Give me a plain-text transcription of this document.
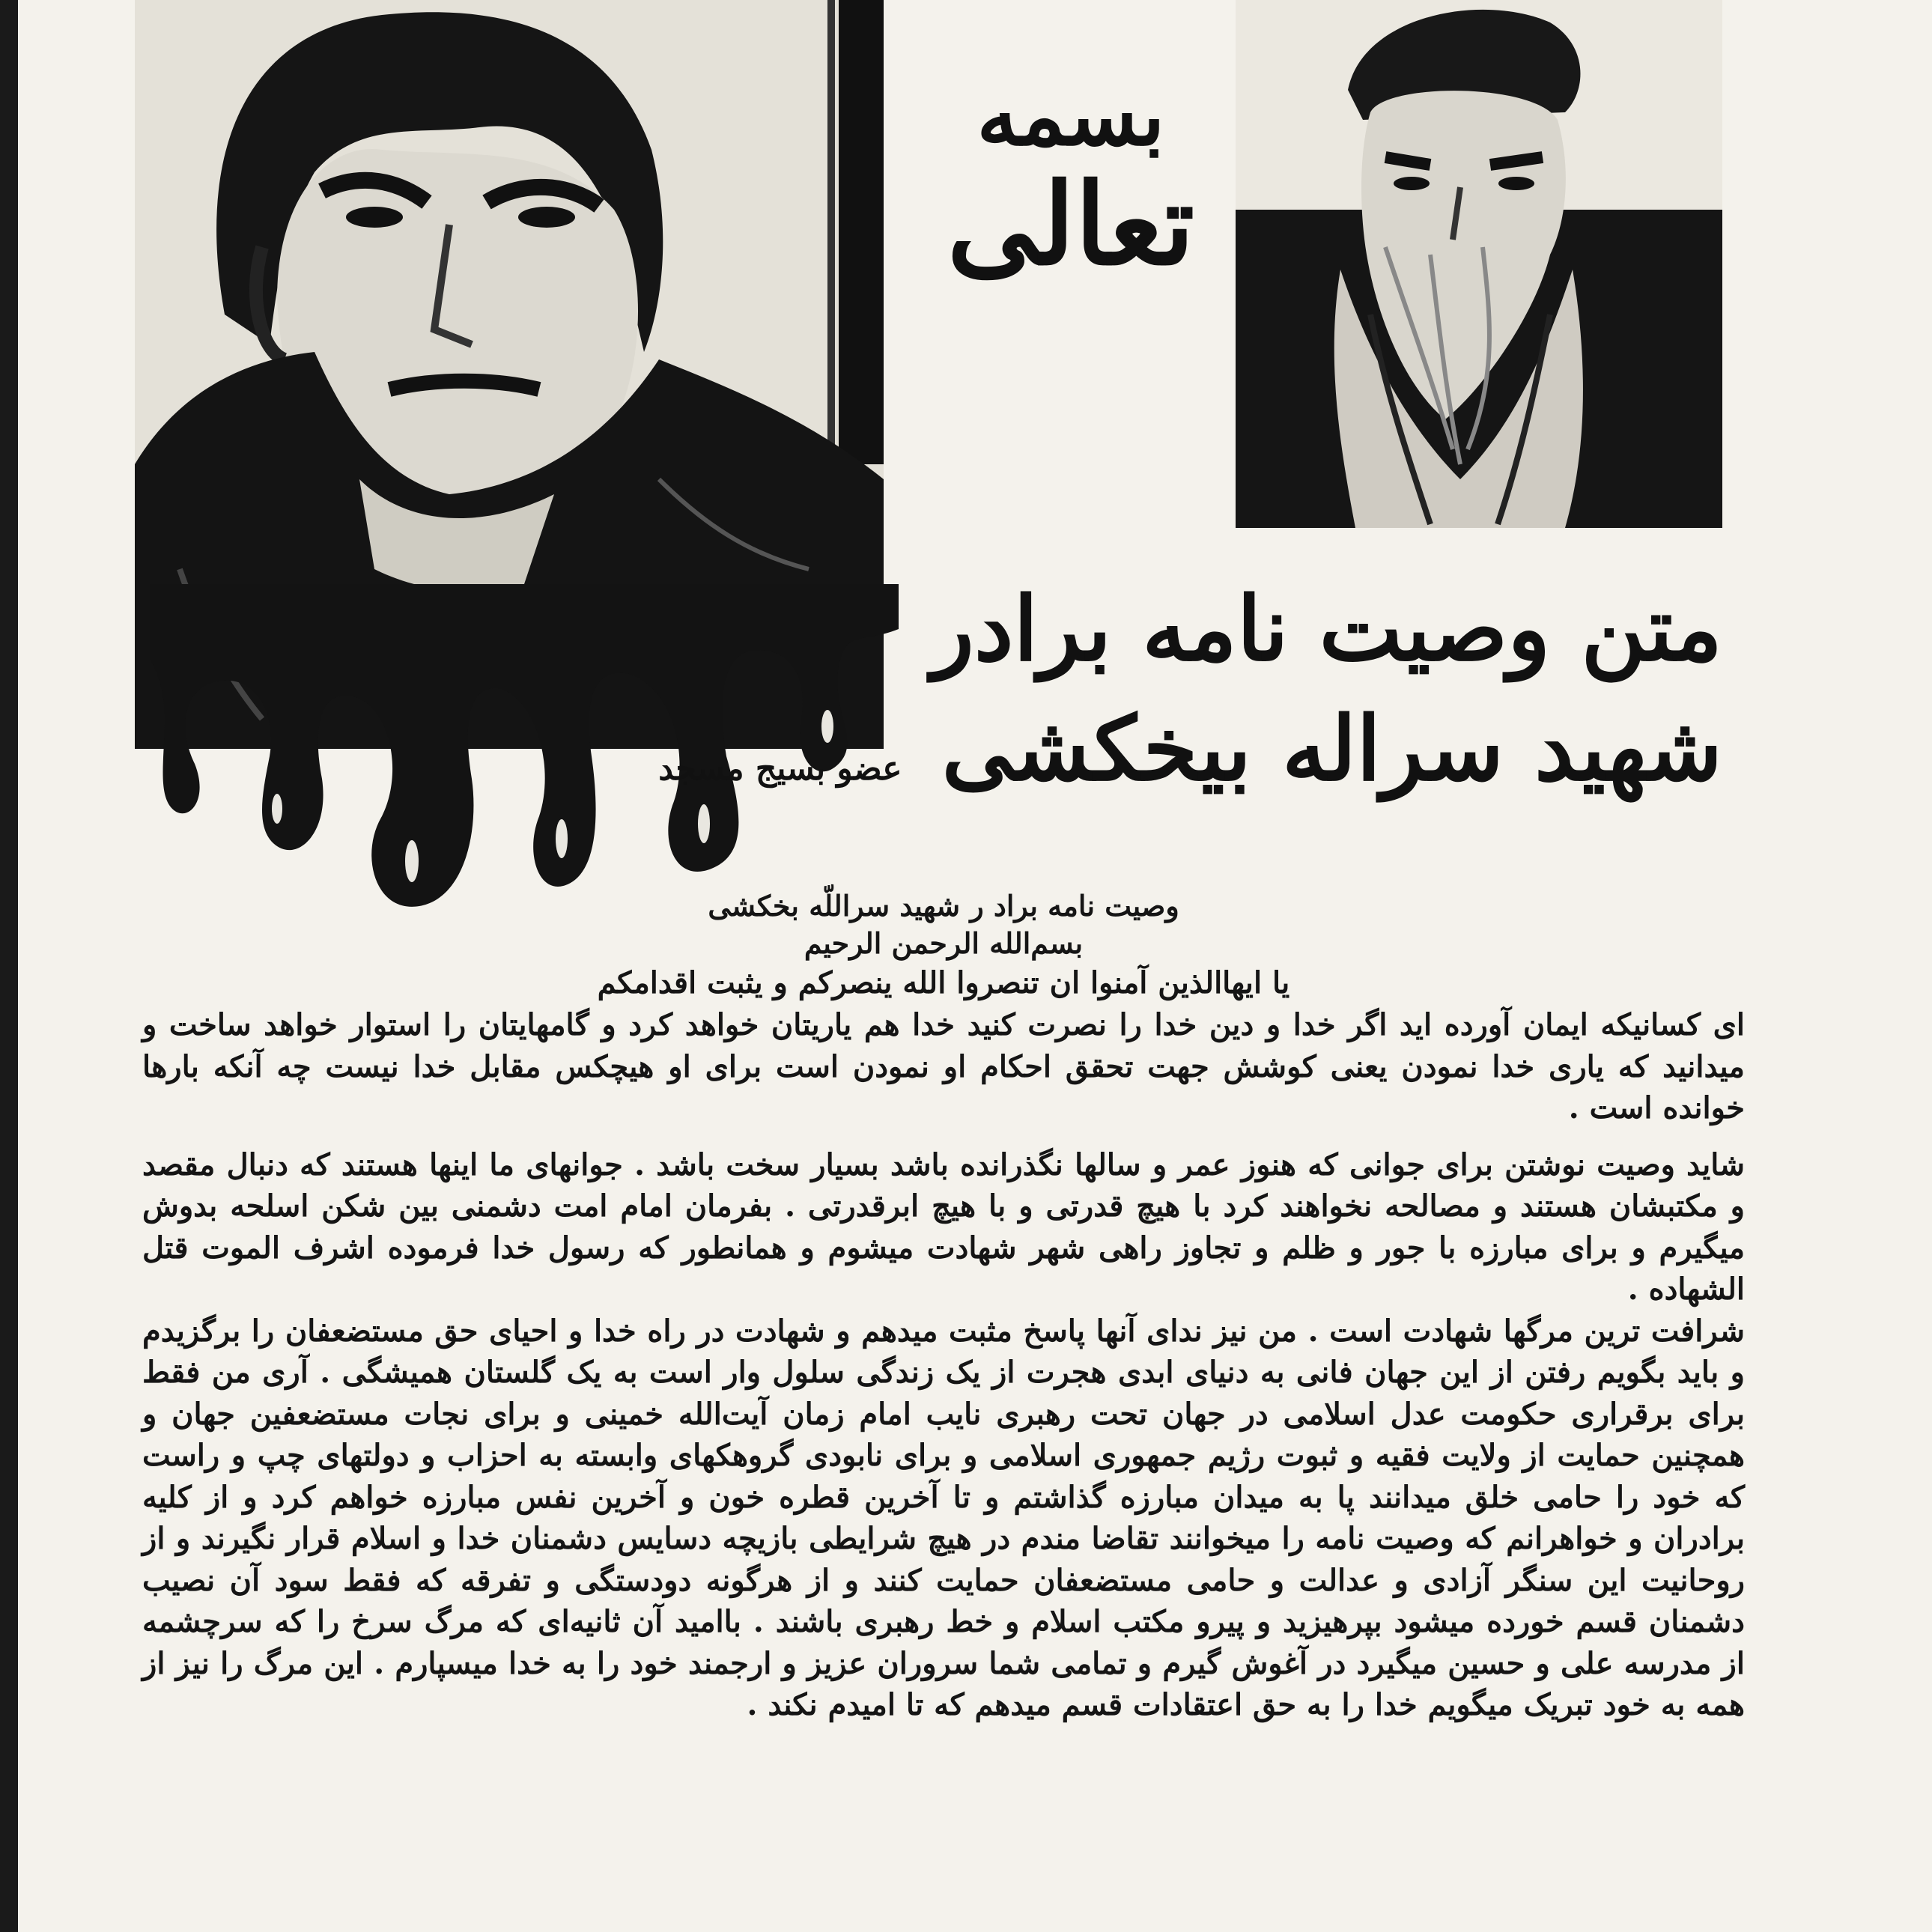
بسمه
تعالی
متن وصیت نامه برادر
شهید سراله بیخکشی عضو بسیج مسجد
وصیت نامه براد ر شهید سراللّه بخکشی
بسم‌الله الرحمن الرحیم
یا ایهاالذین آمنوا ان تنصروا الله ینصرکم و یثبت اقدامکم

ای کسانیکه ایمان آورده اید اگر خدا و دین خدا را نصرت کنید خدا هم یاریتان خواهد کرد و گامهایتان را استوار خواهد ساخت و میدانید که یاری خدا نمودن یعنی کوشش جهت تحقق احکام او نمودن است برای او هیچکس مقابل خدا نیست چه آنکه بارها خوانده است .

شاید وصیت نوشتن برای جوانی که هنوز عمر و سالها نگذرانده باشد بسیار سخت باشد . جوانهای ما اینها هستند که دنبال مقصد و مکتبشان هستند و مصالحه نخواهند کرد با هیچ قدرتی و با هیچ ابرقدرتی . بفرمان امام امت دشمنی بین شکن اسلحه بدوش میگیرم و برای مبارزه با جور و ظلم و تجاوز راهی شهر شهادت میشوم و همانطور که رسول خدا فرموده اشرف الموت قتل الشهاده .

شرافت ترین مرگها شهادت است . من نیز ندای آنها پاسخ مثبت میدهم و شهادت در راه خدا و احیای حق مستضعفان را برگزیدم و باید بگویم رفتن از این جهان فانی به دنیای ابدی هجرت از یک زندگی سلول وار است به یک گلستان همیشگی . آری من فقط برای برقراری حکومت عدل اسلامی در جهان تحت رهبری نایب امام زمان آیت‌الله خمینی و برای نجات مستضعفین جهان و همچنین حمایت از ولایت فقیه و ثبوت رژیم جمهوری اسلامی و برای نابودی گروهکهای وابسته به احزاب و دولتهای چپ و راست که خود را حامی خلق میدانند پا به میدان مبارزه گذاشتم و تا آخرین قطره خون و آخرین نفس مبارزه خواهم کرد و از کلیه برادران و خواهرانم که وصیت نامه را میخوانند تقاضا مندم در هیچ شرایطی بازیچه دسایس دشمنان خدا و اسلام قرار نگیرند و از روحانیت این سنگر آزادی و عدالت و حامی مستضعفان حمایت کنند و از هرگونه دودستگی و تفرقه که فقط سود آن نصیب دشمنان قسم خورده میشود بپرهیزید و پیرو مکتب اسلام و خط رهبری باشند . باامید آن ثانیه‌ای که مرگ سرخ را که سرچشمه از مدرسه علی و حسین میگیرد در آغوش گیرم و تمامی شما سروران عزیز و ارجمند خود را به خدا میسپارم . این مرگ را نیز از همه به خود تبریک میگویم خدا را به حق اعتقادات قسم میدهم که تا امیدم نکند .
